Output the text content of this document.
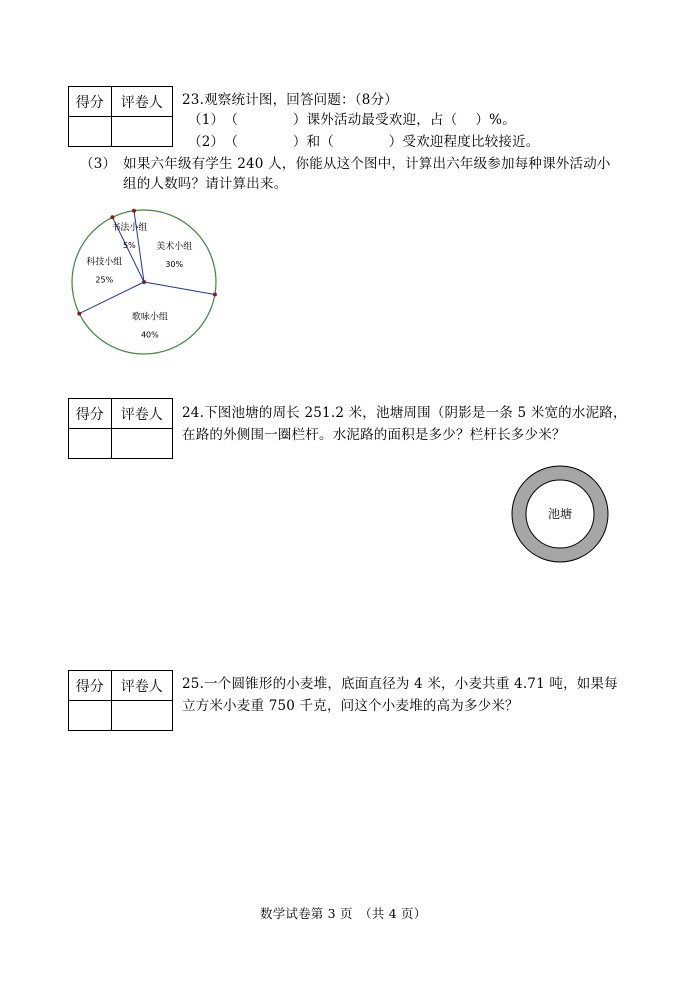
得分	评卷人
	23.观察统计图，回答问题：（8分）
（1）　（　　　　）课外活动最受欢迎，占（　 ）%。
（2）　（　　　　）和（　　　　）受欢迎程度比较接近。
（3）　如果六年级有学生 240 人，你能从这个图中，计算出六年级参加每种课外活动小
组的人数吗？请计算出来。
书法小组
5% 美术小组
30%
歌咏小组
40%
科技小组
25%
得分	评卷人
	24.下图池塘的周长 251.2 米，池塘周围（阴影是一条 5 米宽的水泥路，
在路的外侧围一圈栏杆。水泥路的面积是多少？栏杆长多少米？
池塘
得分	评卷人
	25.一个圆锥形的小麦堆，底面直径为 4 米，小麦共重 4.71 吨，如果每
立方米小麦重 750 千克，问这个小麦堆的高为多少米？
数学试卷第 3 页　（共 4 页）
